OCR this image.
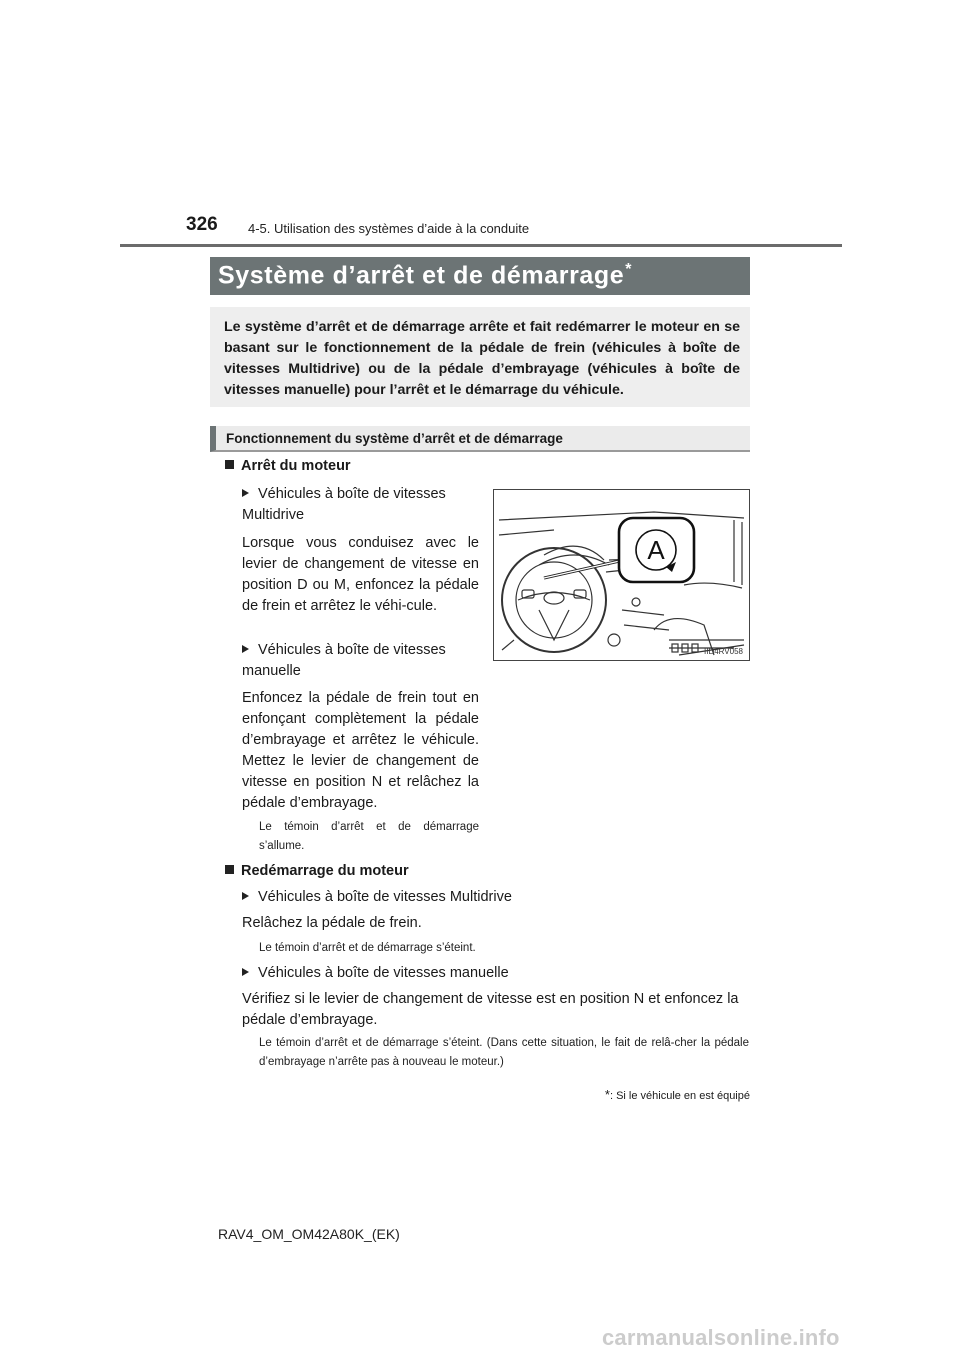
326 4-5. Utilisation des systèmes d’aide à la conduite
Système d’arrêt et de démarrage*
Le système d’arrêt et de démarrage arrête et fait redémarrer le moteur en se basant sur le fonctionnement de la pédale de frein (véhicules à boîte de vitesses Multidrive) ou de la pédale d’embrayage (véhicules à boîte de vitesses manuelle) pour l’arrêt et le démarrage du véhicule.
Fonctionnement du système d’arrêt et de démarrage
Arrêt du moteur
Véhicules à boîte de vitesses Multidrive
Lorsque vous conduisez avec le levier de changement de vitesse en position D ou M, enfoncez la pédale de frein et arrêtez le véhi-cule.
Véhicules à boîte de vitesses manuelle
Enfoncez la pédale de frein tout en enfonçant complètement la pédale d’embrayage et arrêtez le véhicule. Mettez le levier de changement de vitesse en position N et relâchez la pédale d’embrayage.
Le témoin d’arrêt et de démarrage s’allume.
A
IID4RV058
Redémarrage du moteur
Véhicules à boîte de vitesses Multidrive
Relâchez la pédale de frein.
Le témoin d’arrêt et de démarrage s’éteint.
Véhicules à boîte de vitesses manuelle
Vérifiez si le levier de changement de vitesse est en position N et enfoncez la pédale d’embrayage.
Le témoin d’arrêt et de démarrage s’éteint. (Dans cette situation, le fait de relâ-cher la pédale d’embrayage n’arrête pas à nouveau le moteur.)
*: Si le véhicule en est équipé
RAV4_OM_OM42A80K_(EK)
carmanualsonline.info
